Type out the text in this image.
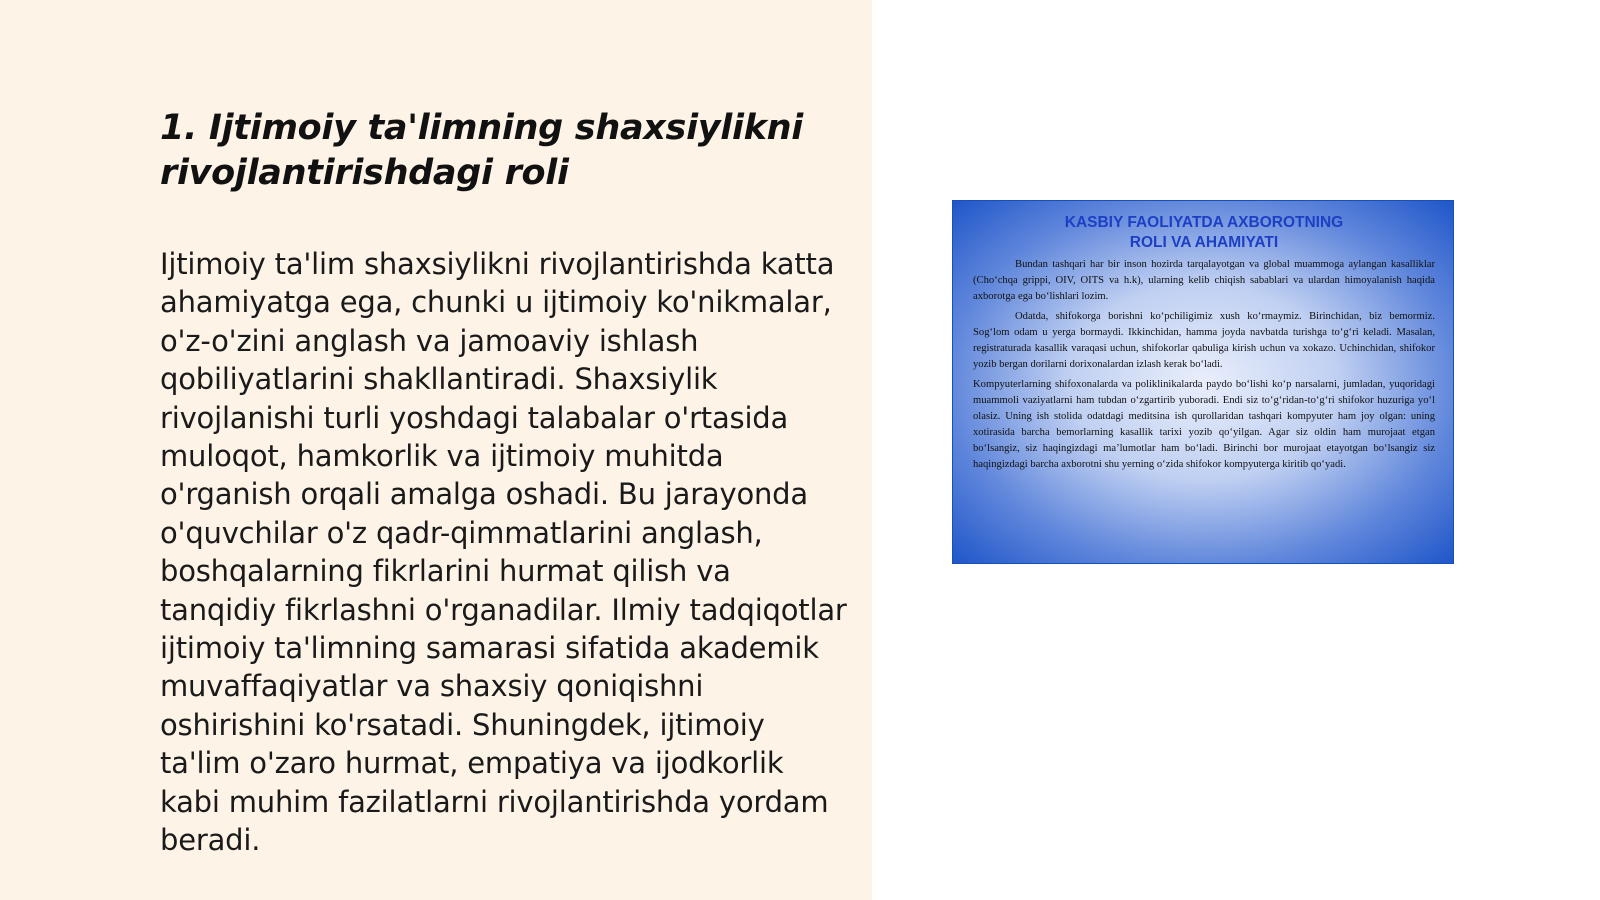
1. Ijtimoiy ta'limning shaxsiylikni rivojlantirishdagi roli

Ijtimoiy ta'lim shaxsiylikni rivojlantirishda katta ahamiyatga ega, chunki u ijtimoiy ko'nikmalar, o'z-o'zini anglash va jamoaviy ishlash qobiliyatlarini shakllantiradi. Shaxsiylik rivojlanishi turli yoshdagi talabalar o'rtasida muloqot, hamkorlik va ijtimoiy muhitda o'rganish orqali amalga oshadi. Bu jarayonda o'quvchilar o'z qadr-qimmatlarini anglash, boshqalarning fikrlarini hurmat qilish va tanqidiy fikrlashni o'rganadilar. Ilmiy tadqiqotlar ijtimoiy ta'limning samarasi sifatida akademik muvaffaqiyatlar va shaxsiy qoniqishni oshirishini ko'rsatadi. Shuningdek, ijtimoiy ta'lim o'zaro hurmat, empatiya va ijodkorlik kabi muhim fazilatlarni rivojlantirishda yordam beradi.

KASBIY FAOLIYATDA AXBOROTNING
ROLI VA AHAMIYATI

Bundan tashqari har bir inson hozirda tarqalayotgan va global muammoga aylangan kasalliklar (Cho‘chqa grippi, OIV, OITS va h.k), ularning kelib chiqish sabablari va ulardan himoyalanish haqida axborotga ega bo‘lishlari lozim.

Odatda, shifokorga borishni ko‘pchiligimiz xush ko‘rmaymiz. Birinchidan, biz bemormiz. Sog‘lom odam u yerga bormaydi. Ikkinchidan, hamma joyda navbatda turishga to‘g‘ri keladi. Masalan, registraturada kasallik varaqasi uchun, shifokorlar qabuliga kirish uchun va xokazo. Uchinchidan, shifokor yozib bergan dorilarni dorixonalardan izlash kerak bo‘ladi.

Kompyuterlarning shifoxonalarda va poliklinikalarda paydo bo‘lishi ko‘p narsalarni, jumladan, yuqoridagi muammoli vaziyatlarni ham tubdan o‘zgartirib yuboradi. Endi siz to‘g‘ridan-to‘g‘ri shifokor huzuriga yo‘l olasiz. Uning ish stolida odatdagi meditsina ish qurollaridan tashqari kompyuter ham joy olgan: uning xotirasida barcha bemorlarning kasallik tarixi yozib qo‘yilgan. Agar siz oldin ham murojaat etgan bo‘lsangiz, siz haqingizdagi ma’lumotlar ham bo‘ladi. Birinchi bor murojaat etayotgan bo‘lsangiz siz haqingizdagi barcha axborotni shu yerning o‘zida shifokor kompyuterga kiritib qo‘yadi.
